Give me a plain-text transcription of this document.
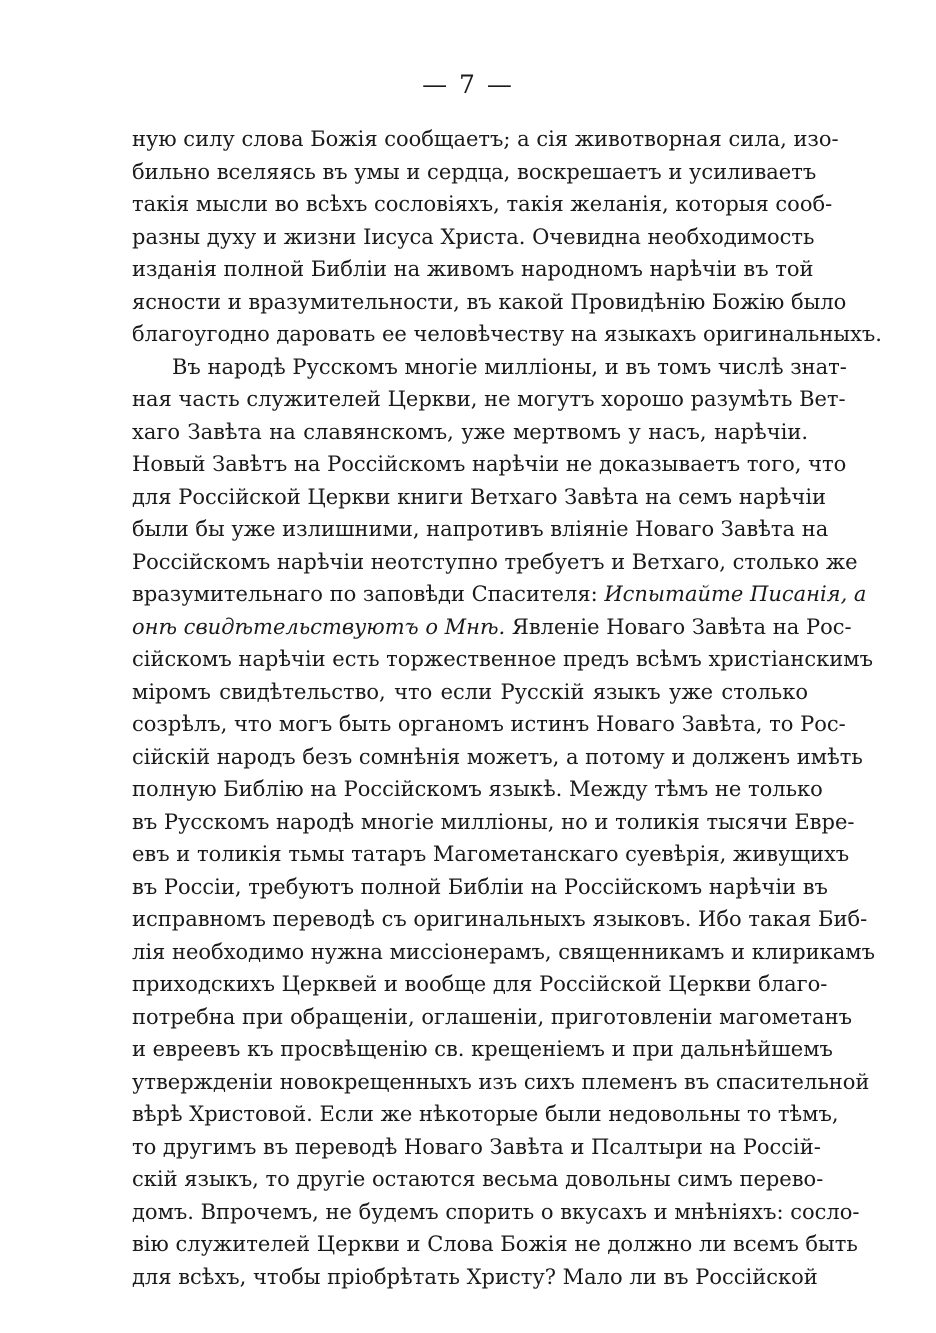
— 7 —
ную силу слова Божія сообщаетъ; а сія животворная сила, изо-
бильно вселяясь въ умы и сердца, воскрешаетъ и усиливаетъ
такія мысли во всѣхъ сословіяхъ, такія желанія, которыя сооб-
разны духу и жизни Іисуса Христа. Очевидна необходимость
изданія полной Библіи на живомъ народномъ нарѣчіи въ той
ясности и вразумительности, въ какой Провидѣнію Божію было
благоугодно даровать ее человѣчеству на языкахъ оригинальныхъ.
Въ народѣ Русскомъ многіе милліоны, и въ томъ числѣ знат-
ная часть служителей Церкви, не могутъ хорошо разумѣть Вет-
хаго Завѣта на славянскомъ, уже мертвомъ у насъ, нарѣчіи.
Новый Завѣтъ на Россійскомъ нарѣчіи не доказываетъ того, что
для Россійской Церкви книги Ветхаго Завѣта на семъ нарѣчіи
были бы уже излишними, напротивъ вліяніе Новаго Завѣта на
Россійскомъ нарѣчіи неотступно требуетъ и Ветхаго, столько же
вразумительнаго по заповѣди Спасителя: Испытайте Писанія, а
онѣ свидѣтельствуютъ о Мнѣ. Явленіе Новаго Завѣта на Рос-
сійскомъ нарѣчіи есть торжественное предъ всѣмъ христіанскимъ
міромъ свидѣтельство, что если Русскій языкъ уже столько
созрѣлъ, что могъ быть органомъ истинъ Новаго Завѣта, то Рос-
сійскій народъ безъ сомнѣнія можетъ, а потому и долженъ имѣть
полную Библію на Россійскомъ языкѣ. Между тѣмъ не только
въ Русскомъ народѣ многіе милліоны, но и толикія тысячи Евре-
евъ и толикія тьмы татаръ Магометанскаго суевѣрія, живущихъ
въ Россіи, требуютъ полной Библіи на Россійскомъ нарѣчіи въ
исправномъ переводѣ съ оригинальныхъ языковъ. Ибо такая Биб-
лія необходимо нужна миссіонерамъ, священникамъ и клирикамъ
приходскихъ Церквей и вообще для Россійской Церкви благо-
потребна при обращеніи, оглашеніи, приготовленіи магометанъ
и евреевъ къ просвѣщенію св. крещеніемъ и при дальнѣйшемъ
утвержденіи новокрещенныхъ изъ сихъ племенъ въ спасительной
вѣрѣ Христовой. Если же нѣкоторые были недовольны то тѣмъ,
то другимъ въ переводѣ Новаго Завѣта и Псалтыри на Россій-
скій языкъ, то другіе остаются весьма довольны симъ перево-
домъ. Впрочемъ, не будемъ спорить о вкусахъ и мнѣніяхъ: сосло-
вію служителей Церкви и Слова Божія не должно ли всемъ быть
для всѣхъ, чтобы пріобрѣтать Христу? Мало ли въ Россійской
